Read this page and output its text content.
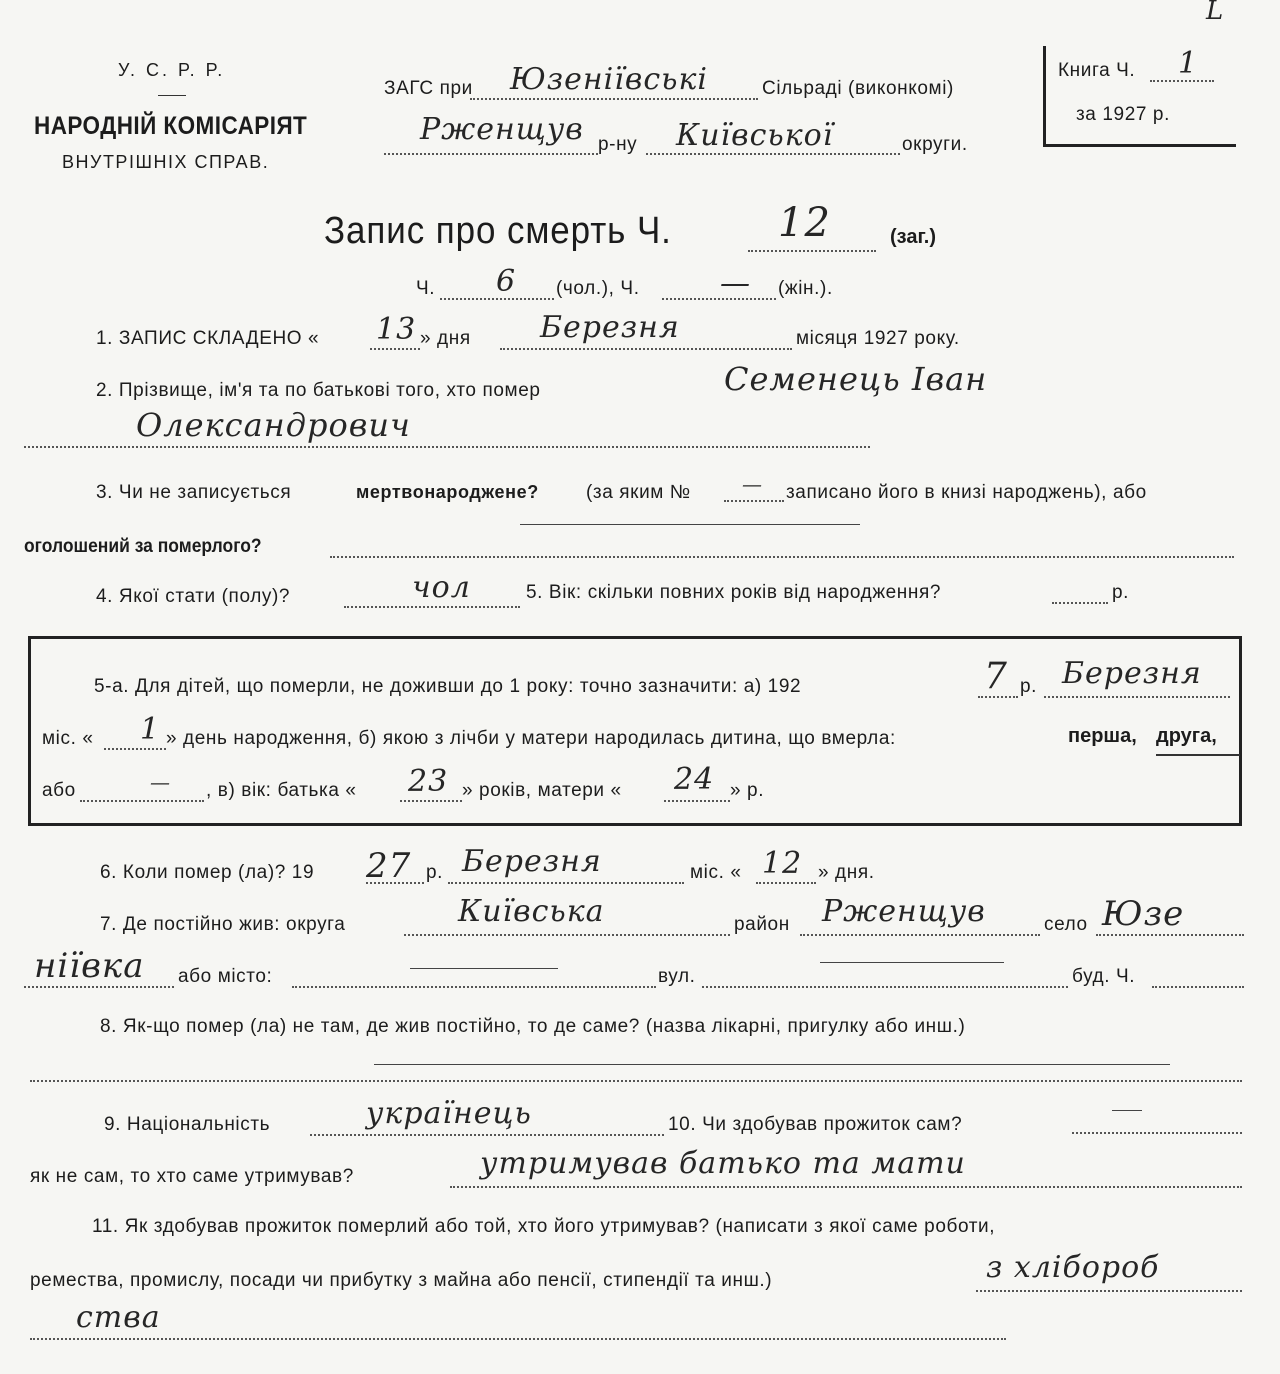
L
У. С. Р. Р.
НАРОДНІЙ КОМІСАРІЯТ
ВНУТРІШНІХ СПРАВ.
ЗАГС при Юзеніївські	Сільраді (виконкомі)
Рженщув р-ну Київської	округи.
Книга Ч. 1
за 1927 р.
Запис про смерть Ч.	12	(заг.)
Ч. 6 (чол.), Ч.	— (жін.).
1. ЗАПИС СКЛАДЕНО « 13 » дня Березня	місяця 1927 року.
2. Прізвище, ім'я та по батькові того, хто помер	Семенець Іван
Олександрович
3. Чи не записується	мертвонароджене? (за яким №	— записано його в книзі народжень), або
оголошений за померлого?
4. Якої стати (полу)?	чол	5. Вік: скільки повних років від народження?	р.
5-а. Для дітей, що померли, не доживши до 1 року: точно зазначити: а) 192	7 р. Березня
міс. « 1 » день народження, б) якою з лічби у матери народилась дитина, що вмерла:	перша, друга,
або	— , в) вік: батька « 23 » років, матери « 24 » р.
6. Коли помер (ла)? 19 27 р. Березня	міс. « 12 » дня.
7. Де постійно жив: округа	Київська	район Рженщув	село Юзе
ніївка або місто:	вул.	буд. Ч.
8. Як-що помер (ла) не там, де жив постійно, то де саме? (назва лікарні, пригулку або инш.)
9. Національність	українець	10. Чи здобував прожиток сам?
як не сам, то хто саме утримував?	утримував батько та мати
11. Як здобував прожиток померлий або той, хто його утримував? (написати з якої саме роботи,
ремества, промислу, посади чи прибутку з майна або пенсії, стипендії та инш.)	з хлібороб
ства
